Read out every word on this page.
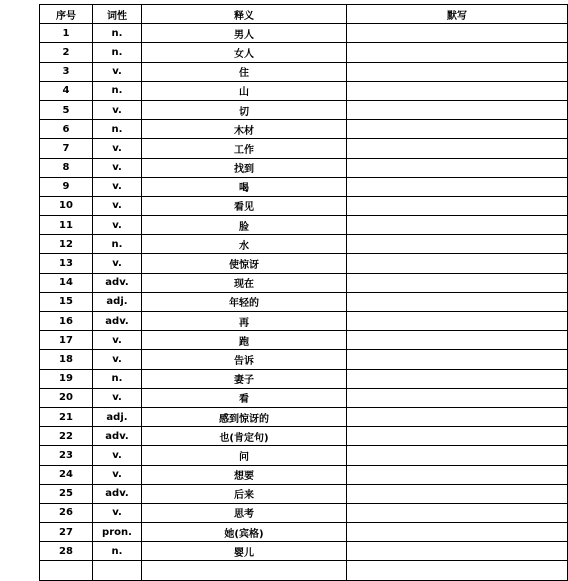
序号	词性	释义	默写
1	n.	男人	
2	n.	女人	
3	v.	住	
4	n.	山	
5	v.	切	
6	n.	木材	
7	v.	工作	
8	v.	找到	
9	v.	喝	
10	v.	看见	
11	v.	脸	
12	n.	水	
13	v.	使惊讶	
14	adv.	现在	
15	adj.	年轻的	
16	adv.	再	
17	v.	跑	
18	v.	告诉	
19	n.	妻子	
20	v.	看	
21	adj.	感到惊讶的	
22	adv.	也(肯定句)	
23	v.	问	
24	v.	想要	
25	adv.	后来	
26	v.	思考	
27	pron.	她(宾格)	
28	n.	婴儿	
